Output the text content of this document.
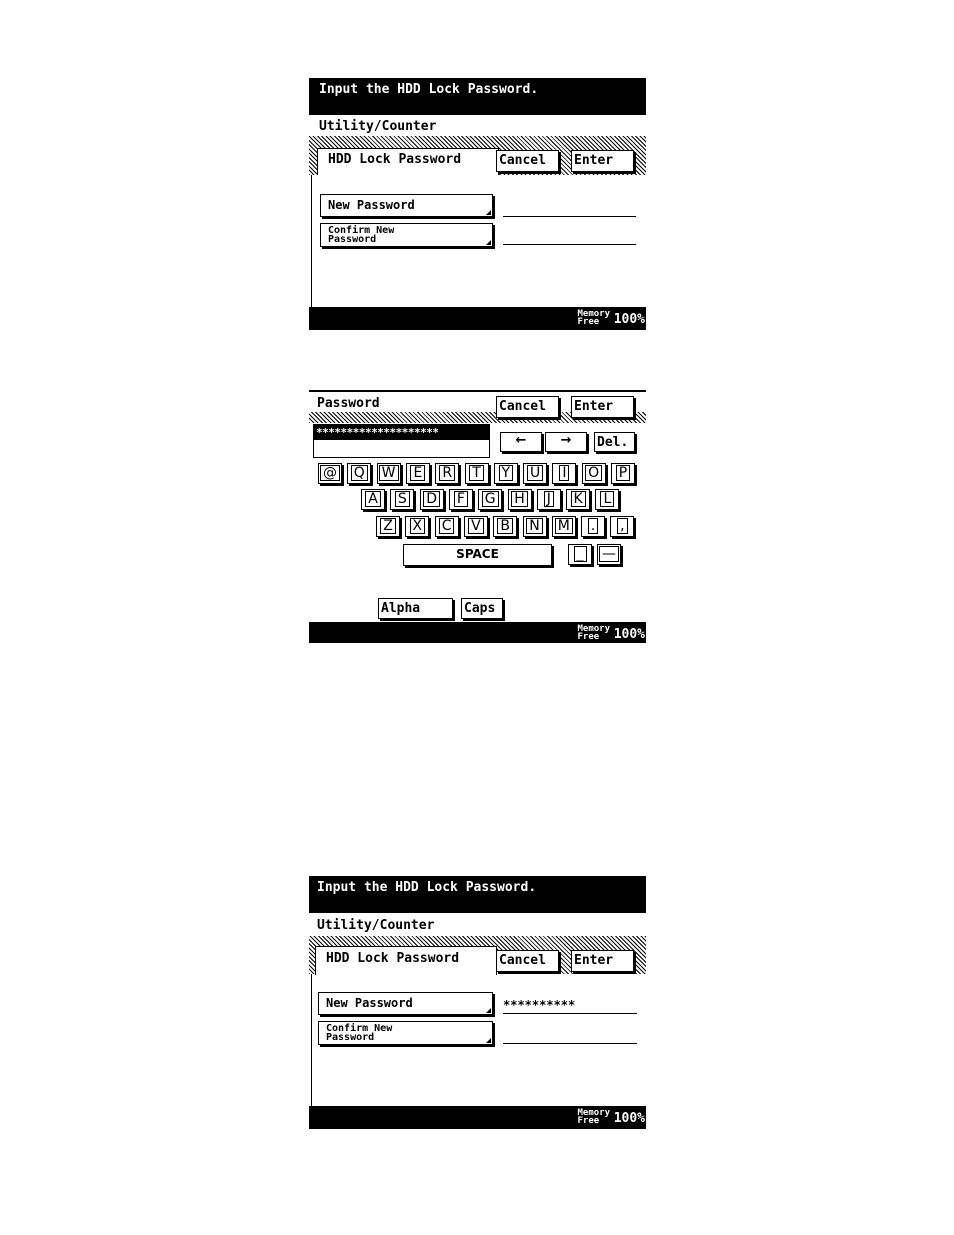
Input the HDD Lock Password.
Utility/Counter
HDD Lock Password	Cancel	Enter
New Password
Confirm New
Password
Memory
Free	100%
Password	Cancel	Enter
********************
←	→	Del.
@	Q	W	E	R	T	Y	U	I	O	P
A	S	D	F	G	H	J	K	L
Z	X	C	V	B	N	M	.	,
SPACE	_	—
Alpha	Caps
Memory
Free	100%
Input the HDD Lock Password.
Utility/Counter
HDD Lock Password	Cancel	Enter
New Password	**********
Confirm New
Password
Memory
Free	100%
